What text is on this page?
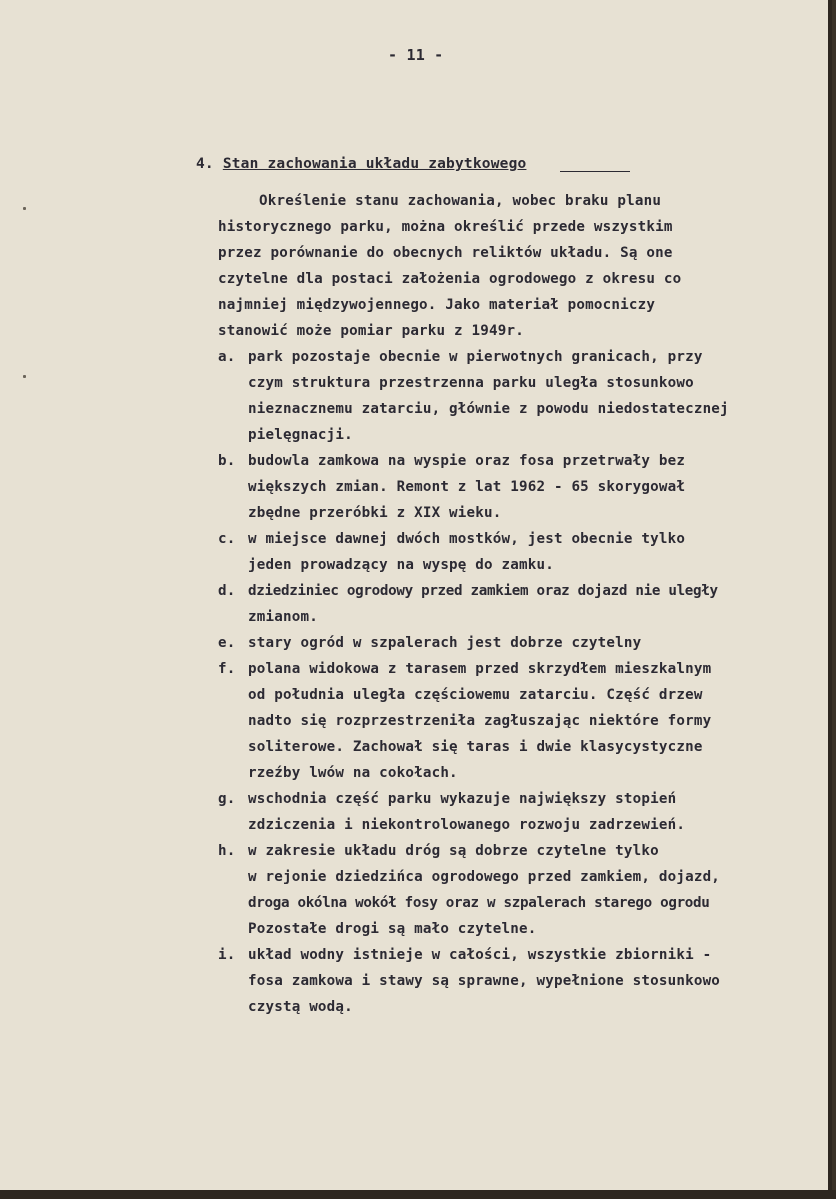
- 11 -
4. Stan zachowania układu zabytkowego
Określenie stanu zachowania, wobec braku planu
historycznego parku, można określić przede wszystkim
przez porównanie do obecnych reliktów układu. Są one
czytelne dla postaci założenia ogrodowego z okresu co
najmniej międzywojennego. Jako materiał pomocniczy
stanowić może pomiar parku z 1949r.
a. park pozostaje obecnie w pierwotnych granicach, przy
czym struktura przestrzenna parku uległa stosunkowo
nieznacznemu zatarciu, głównie z powodu niedostatecznej
pielęgnacji.
b. budowla zamkowa na wyspie oraz fosa przetrwały bez
większych zmian. Remont z lat 1962 - 65 skorygował
zbędne przeróbki z XIX wieku.
c. w miejsce dawnej dwóch mostków, jest obecnie tylko
jeden prowadzący na wyspę do zamku.
d. dziedziniec ogrodowy przed zamkiem oraz dojazd nie uległy
zmianom.
e. stary ogród w szpalerach jest dobrze czytelny
f. polana widokowa z tarasem przed skrzydłem mieszkalnym
od południa uległa częściowemu zatarciu. Część drzew
nadto się rozprzestrzeniła zagłuszając niektóre formy
soliterowe. Zachował się taras i dwie klasycystyczne
rzeźby lwów na cokołach.
g. wschodnia część parku wykazuje największy stopień
zdziczenia i niekontrolowanego rozwoju zadrzewień.
h. w zakresie układu dróg są dobrze czytelne tylko
w rejonie dziedzińca ogrodowego przed zamkiem, dojazd,
droga okólna wokół fosy oraz w szpalerach starego ogrodu
Pozostałe drogi są mało czytelne.
i. układ wodny istnieje w całości, wszystkie zbiorniki -
fosa zamkowa i stawy są sprawne, wypełnione stosunkowo
czystą wodą.
